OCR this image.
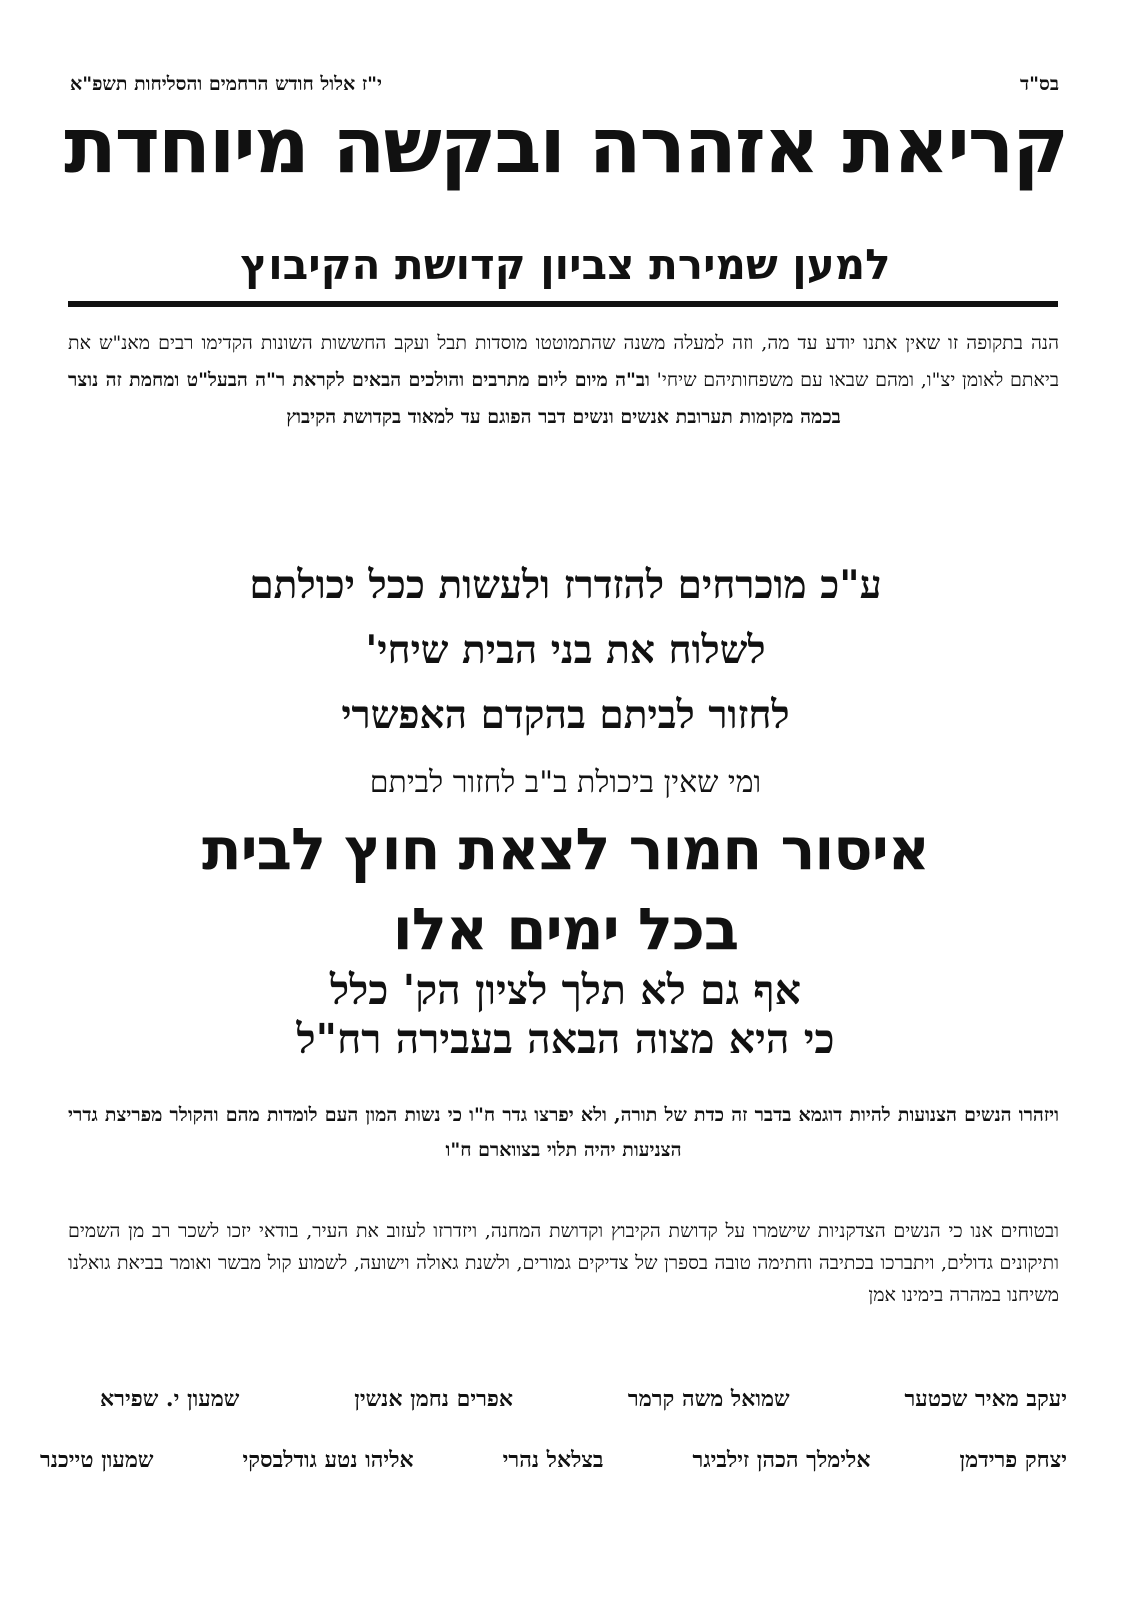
בס"ד
י"ז אלול חודש הרחמים והסליחות תשפ"א
קריאת אזהרה ובקשה מיוחדת
למען שמירת צביון קדושת הקיבוץ
הנה בתקופה זו שאין אתנו יודע עד מה, וזה למעלה משנה שהתמוטטו מוסדות תבל ועקב החששות השונות הקדימו רבים מאנ"ש את ביאתם לאומן יצ"ו, ומהם שבאו עם משפחותיהם שיחי' וב"ה מיום ליום מתרבים והולכים הבאים לקראת ר"ה הבעל"ט ומחמת זה נוצר בכמה מקומות תערובת אנשים ונשים דבר הפוגם עד למאוד בקדושת הקיבוץ
ע"כ מוכרחים להזדרז ולעשות ככל יכולתם
לשלוח את בני הבית שיחי'
לחזור לביתם בהקדם האפשרי
ומי שאין ביכולת ב"ב לחזור לביתם
איסור חמור לצאת חוץ לבית
בכל ימים אלו
אף גם לא תלך לציון הק' כלל
כי היא מצוה הבאה בעבירה רח"ל
ויזהרו הנשים הצנועות להיות דוגמא בדבר זה כדת של תורה, ולא יפרצו גדר ח"ו כי נשות המון העם לומדות מהם והקולר מפריצת גדרי הצניעות יהיה תלוי בצווארם ח"ו
ובטוחים אנו כי הנשים הצדקניות שישמרו על קדושת הקיבוץ וקדושת המחנה, ויזדרזו לעזוב את העיר, בודאי יזכו לשכר רב מן השמים ותיקונים גדולים, ויתברכו בכתיבה וחתימה טובה בספרן של צדיקים גמורים, ולשנת גאולה וישועה, לשמוע קול מבשר ואומר בביאת גואלנו משיחנו במהרה בימינו אמן
יעקב מאיר שכטער
שמואל משה קרמר
אפרים נחמן אנשין
שמעון י. שפירא
יצחק פרידמן
אלימלך הכהן זילביגר
בצלאל נהרי
אליהו נטע גודלבסקי
שמעון טייכנר
